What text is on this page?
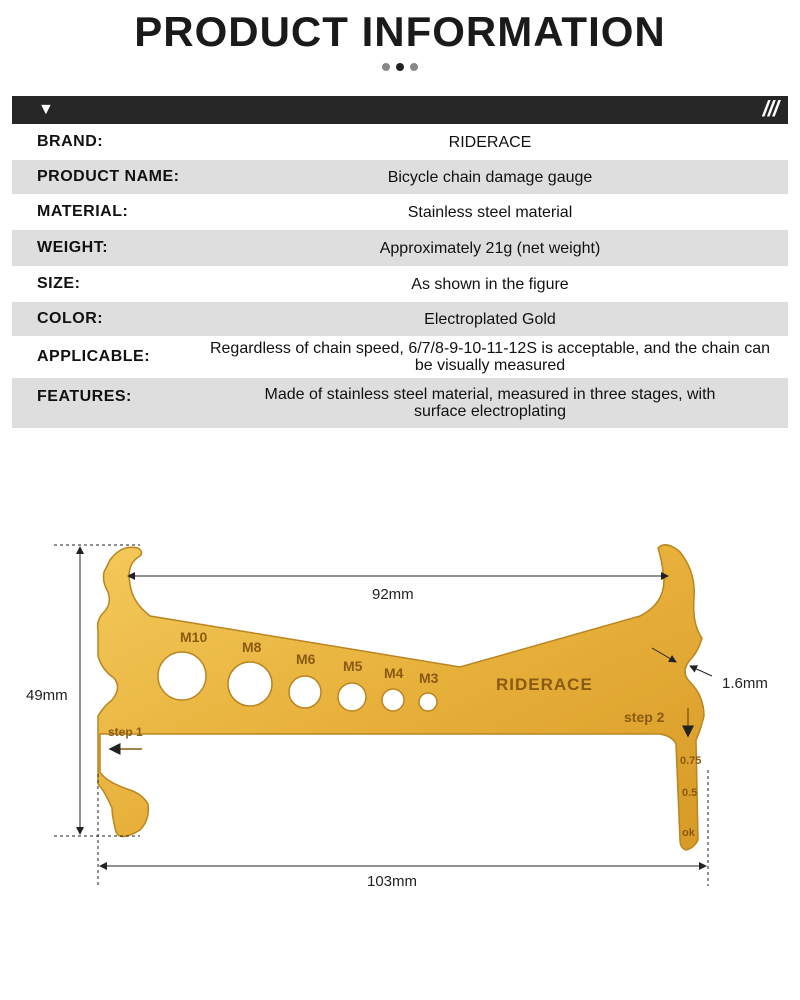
PRODUCT INFORMATION
▼	///
BRAND:	RIDERACE
PRODUCT NAME:	Bicycle chain damage gauge
MATERIAL:	Stainless steel material
WEIGHT:	Approximately 21g (net weight)
SIZE:	As shown in the figure
COLOR:	Electroplated Gold
APPLICABLE:	Regardless of chain speed, 6/7/8-9-10-11-12S is acceptable, and the chain can be visually measured
FEATURES:	Made of stainless steel material, measured in three stages, with surface electroplating
M10
M8
M6 M5 M4 M3	RIDERACE
step 1
step 2
0.75
0.5
ok
92mm
49mm
103mm
1.6mm
